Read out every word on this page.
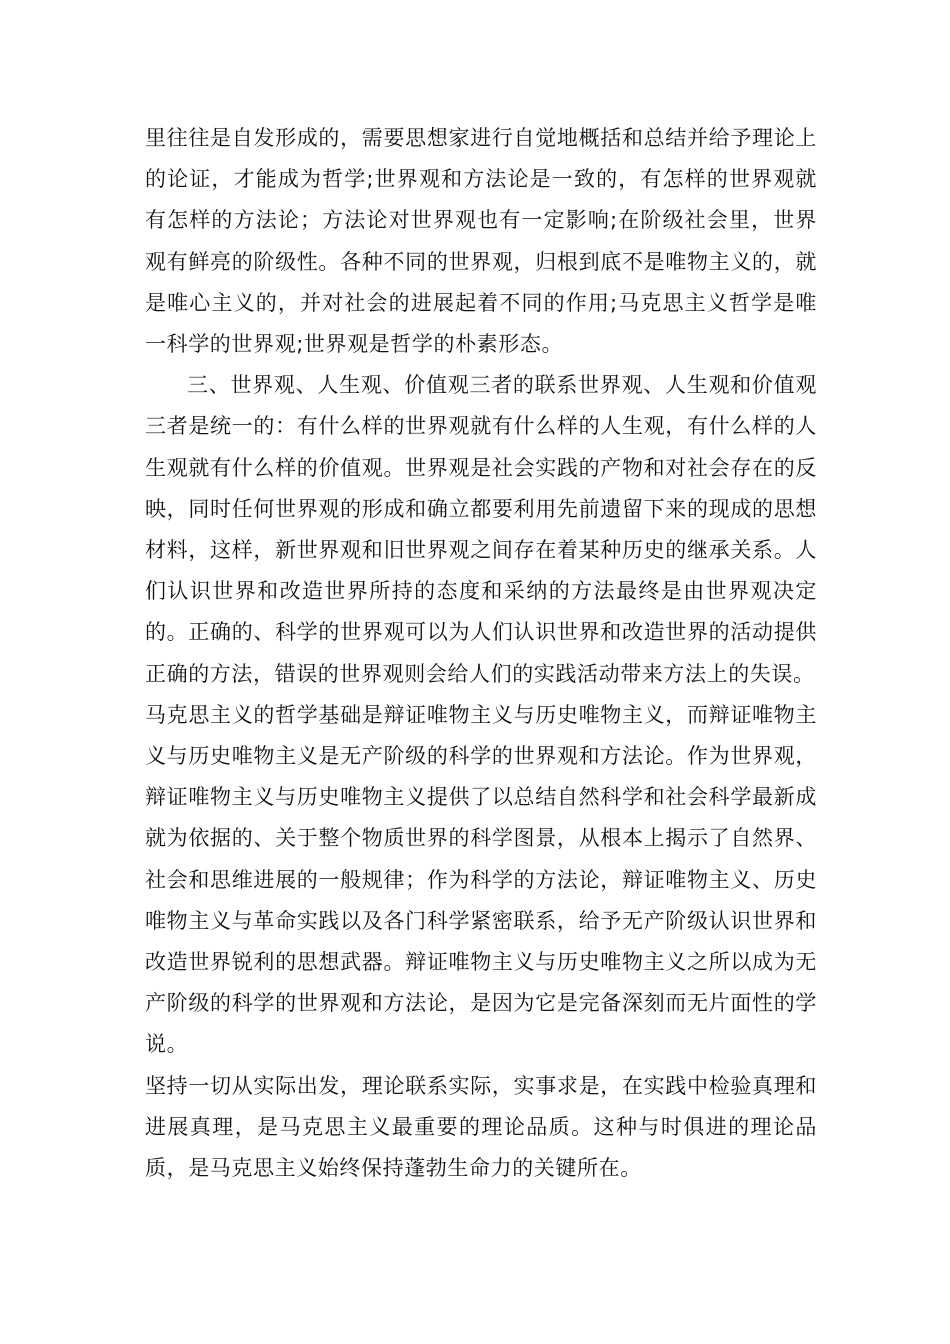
里往往是自发形成的，需要思想家进行自觉地概括和总结并给予理论上的论证，才能成为哲学;世界观和方法论是一致的，有怎样的世界观就有怎样的方法论；方法论对世界观也有一定影响;在阶级社会里，世界观有鲜亮的阶级性。各种不同的世界观，归根到底不是唯物主义的，就是唯心主义的，并对社会的进展起着不同的作用;马克思主义哲学是唯一科学的世界观;世界观是哲学的朴素形态。

三、世界观、人生观、价值观三者的联系世界观、人生观和价值观三者是统一的：有什么样的世界观就有什么样的人生观，有什么样的人生观就有什么样的价值观。世界观是社会实践的产物和对社会存在的反映，同时任何世界观的形成和确立都要利用先前遗留下来的现成的思想材料，这样，新世界观和旧世界观之间存在着某种历史的继承关系。人们认识世界和改造世界所持的态度和采纳的方法最终是由世界观决定的。正确的、科学的世界观可以为人们认识世界和改造世界的活动提供正确的方法，错误的世界观则会给人们的实践活动带来方法上的失误。

马克思主义的哲学基础是辩证唯物主义与历史唯物主义，而辩证唯物主义与历史唯物主义是无产阶级的科学的世界观和方法论。作为世界观，辩证唯物主义与历史唯物主义提供了以总结自然科学和社会科学最新成就为依据的、关于整个物质世界的科学图景，从根本上揭示了自然界、社会和思维进展的一般规律；作为科学的方法论，辩证唯物主义、历史唯物主义与革命实践以及各门科学紧密联系，给予无产阶级认识世界和改造世界锐利的思想武器。辩证唯物主义与历史唯物主义之所以成为无产阶级的科学的世界观和方法论，是因为它是完备深刻而无片面性的学说。

坚持一切从实际出发，理论联系实际，实事求是，在实践中检验真理和进展真理，是马克思主义最重要的理论品质。这种与时俱进的理论品质，是马克思主义始终保持蓬勃生命力的关键所在。
